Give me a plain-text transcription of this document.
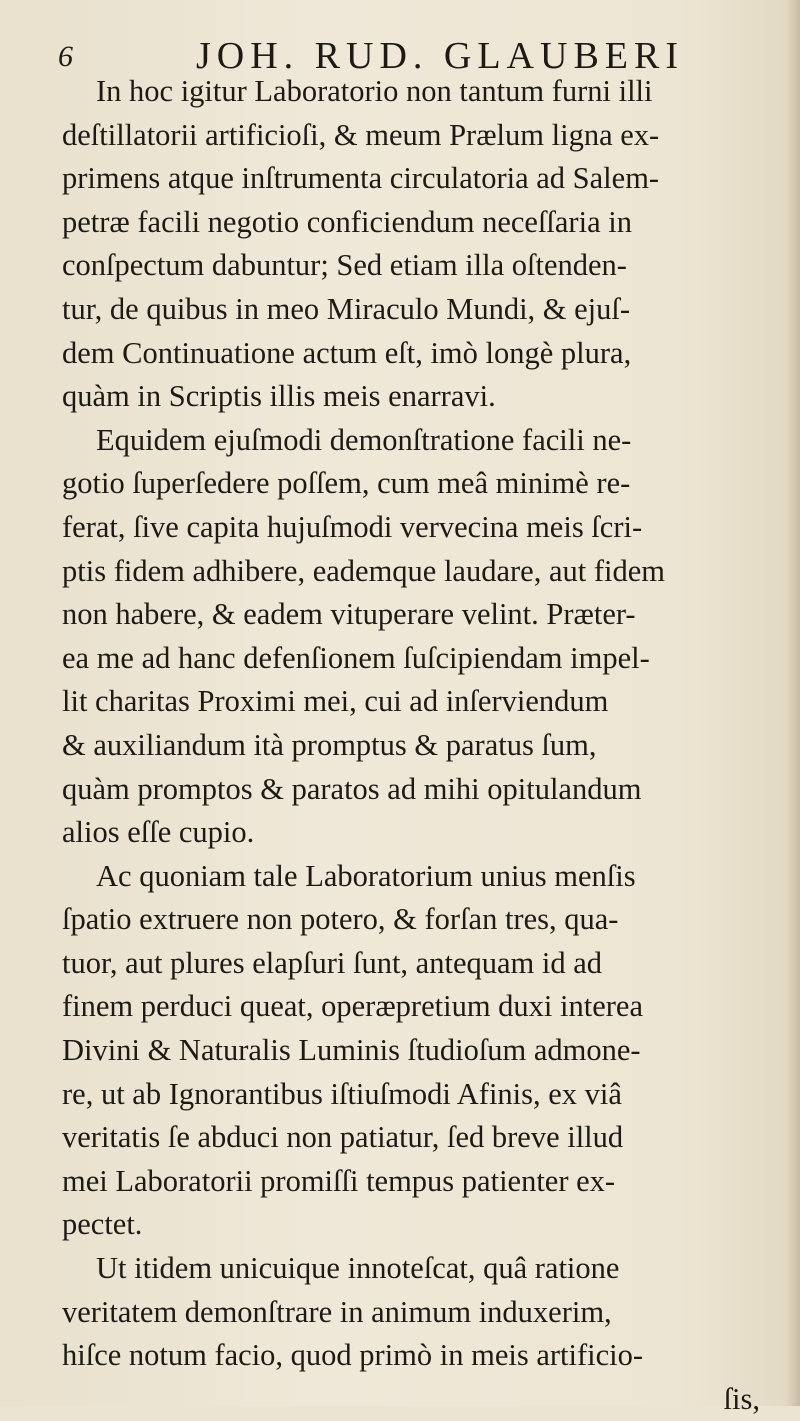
6	JOH. RUD. GLAUBERI
In hoc igitur Laboratorio non tantum furni illi
deſtillatorii artificioſi, & meum Prælum ligna ex-
primens atque inſtrumenta circulatoria ad Salem-
petræ facili negotio conficiendum neceſſaria in
conſpectum dabuntur; Sed etiam illa oſtenden-
tur, de quibus in meo Miraculo Mundi, & ejuſ-
dem Continuatione actum eſt, imò longè plura,
quàm in Scriptis illis meis enarravi.
Equidem ejuſmodi demonſtratione facili ne-
gotio ſuperſedere poſſem, cum meâ minimè re-
ferat, ſive capita hujuſmodi vervecina meis ſcri-
ptis fidem adhibere, eademque laudare, aut fidem
non habere, & eadem vituperare velint. Præter-
ea me ad hanc defenſionem ſuſcipiendam impel-
lit charitas Proximi mei, cui ad inſerviendum
& auxiliandum ità promptus & paratus ſum,
quàm promptos & paratos ad mihi opitulandum
alios eſſe cupio.
Ac quoniam tale Laboratorium unius menſis
ſpatio extruere non potero, & forſan tres, qua-
tuor, aut plures elapſuri ſunt, antequam id ad
finem perduci queat, operæpretium duxi interea
Divini & Naturalis Luminis ſtudioſum admone-
re, ut ab Ignorantibus iſtiuſmodi Afinis, ex viâ
veritatis ſe abduci non patiatur, ſed breve illud
mei Laboratorii promiſſi tempus patienter ex-
pectet.
Ut itidem unicuique innoteſcat, quâ ratione
veritatem demonſtrare in animum induxerim,
hiſce notum facio, quod primò in meis artificio-
ſis,
